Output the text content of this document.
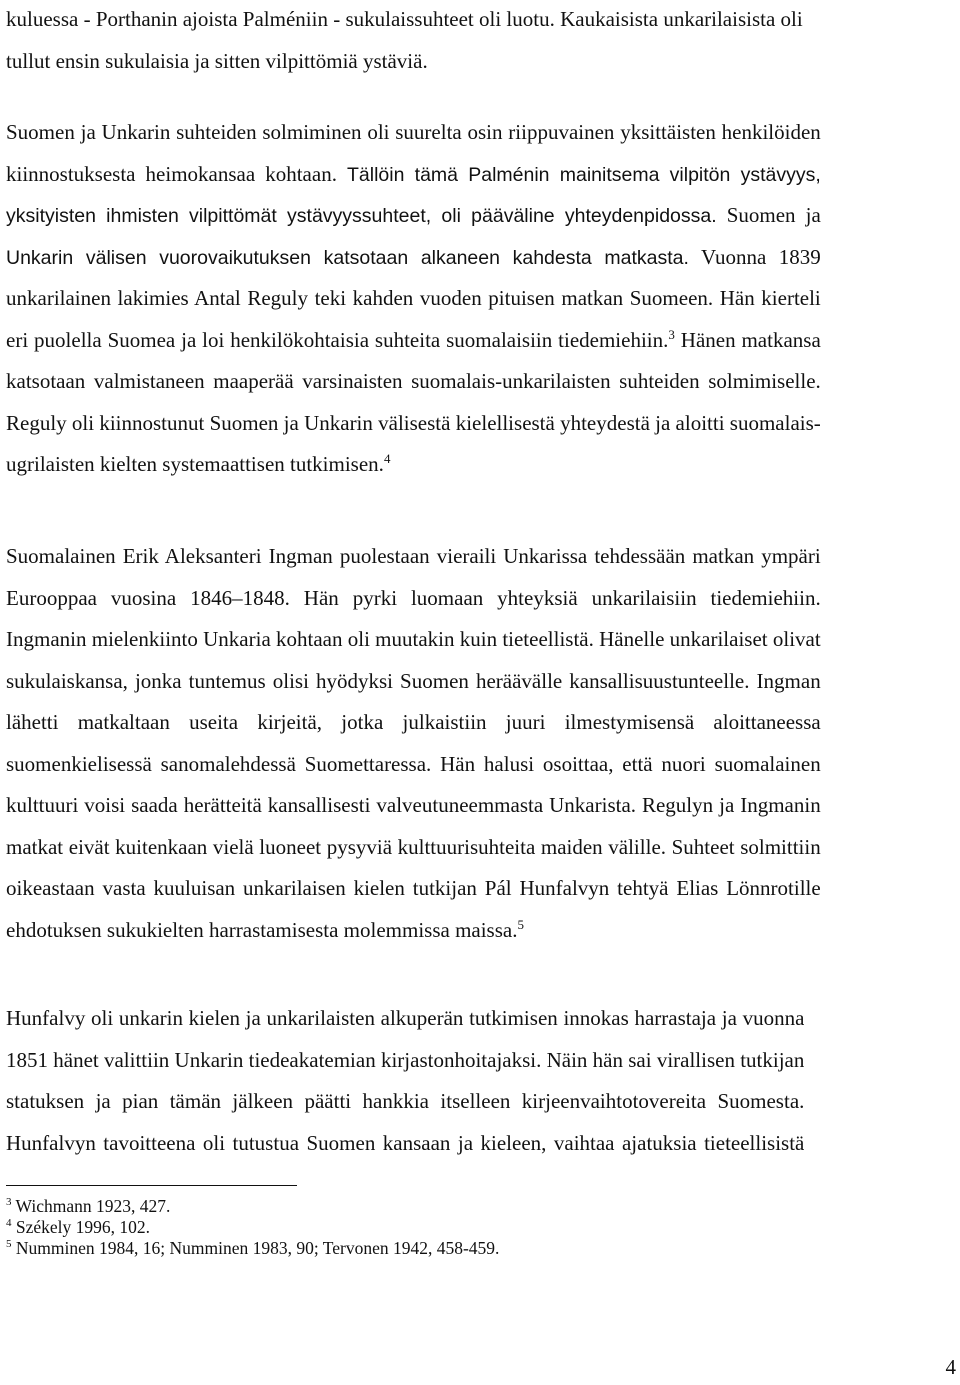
kuluessa - Porthanin ajoista Palméniin - sukulaissuhteet oli luotu. Kaukaisista unkarilaisista oli
tullut ensin sukulaisia ja sitten vilpittömiä ystäviä.

Suomen ja Unkarin suhteiden solmiminen oli suurelta osin riippuvainen yksittäisten henkilöiden
kiinnostuksesta heimokansaa kohtaan. Tällöin tämä Palménin mainitsema vilpitön ystävyys,
yksityisten ihmisten vilpittömät ystävyyssuhteet, oli pääväline yhteydenpidossa. Suomen ja
Unkarin välisen vuorovaikutuksen katsotaan alkaneen kahdesta matkasta. Vuonna 1839
unkarilainen lakimies Antal Reguly teki kahden vuoden pituisen matkan Suomeen. Hän kierteli
eri puolella Suomea ja loi henkilökohtaisia suhteita suomalaisiin tiedemiehiin.$^3$ Hänen matkansa
katsotaan valmistaneen maaperää varsinaisten suomalais-unkarilaisten suhteiden solmimiselle.
Reguly oli kiinnostunut Suomen ja Unkarin välisestä kielellisestä yhteydestä ja aloitti suomalais-
ugrilaisten kielten systemaattisen tutkimisen.$^4$

Suomalainen Erik Aleksanteri Ingman puolestaan vieraili Unkarissa tehdessään matkan ympäri
Eurooppaa vuosina 1846–1848. Hän pyrki luomaan yhteyksiä unkarilaisiin tiedemiehiin.
Ingmanin mielenkiinto Unkaria kohtaan oli muutakin kuin tieteellistä. Hänelle unkarilaiset olivat
sukulaiskansa, jonka tuntemus olisi hyödyksi Suomen heräävälle kansallisuustunteelle. Ingman
lähetti matkaltaan useita kirjeitä, jotka julkaistiin juuri ilmestymisensä aloittaneessa
suomenkielisessä sanomalehdessä Suomettaressa. Hän halusi osoittaa, että nuori suomalainen
kulttuuri voisi saada herätteitä kansallisesti valveutuneemmasta Unkarista. Regulyn ja Ingmanin
matkat eivät kuitenkaan vielä luoneet pysyviä kulttuurisuhteita maiden välille. Suhteet solmittiin
oikeastaan vasta kuuluisan unkarilaisen kielen tutkijan Pál Hunfalvyn tehtyä Elias Lönnrotille
ehdotuksen sukukielten harrastamisesta molemmissa maissa.$^5$

Hunfalvy oli unkarin kielen ja unkarilaisten alkuperän tutkimisen innokas harrastaja ja vuonna
1851 hänet valittiin Unkarin tiedeakatemian kirjastonhoitajaksi. Näin hän sai virallisen tutkijan
statuksen ja pian tämän jälkeen päätti hankkia itselleen kirjeenvaihtotovereita Suomesta.
Hunfalvyn tavoitteena oli tutustua Suomen kansaan ja kieleen, vaihtaa ajatuksia tieteellisistä

$^3$ Wichmann 1923, 427.
$^4$ Székely 1996, 102.
$^5$ Numminen 1984, 16; Numminen 1983, 90; Tervonen 1942, 458-459.
4
